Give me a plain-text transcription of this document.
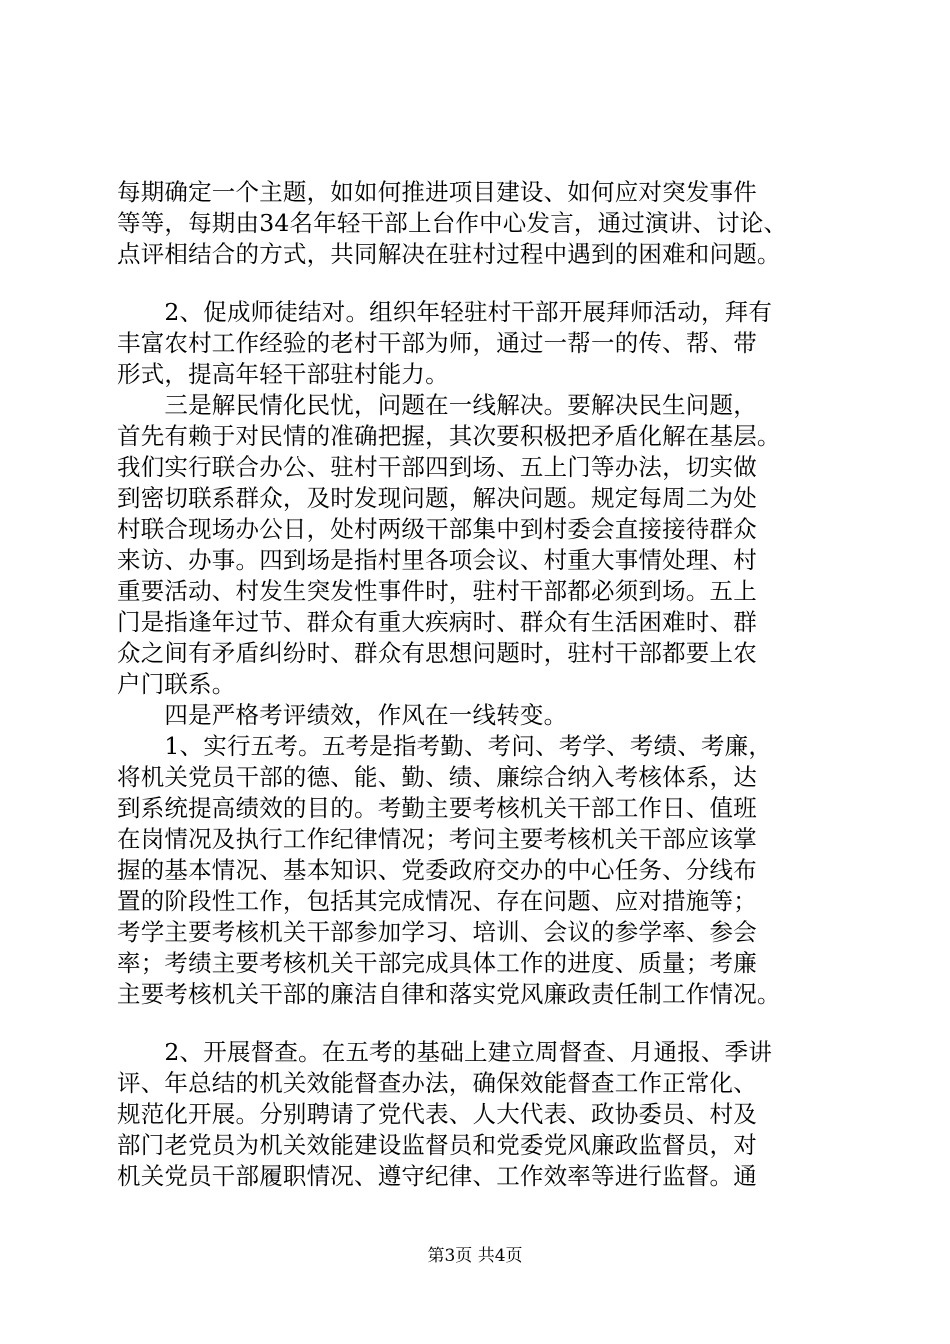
每期确定一个主题，如如何推进项目建设、如何应对突发事件
等等，每期由34名年轻干部上台作中心发言，通过演讲、讨论、
点评相结合的方式，共同解决在驻村过程中遇到的困难和问题。
　　2、促成师徒结对。组织年轻驻村干部开展拜师活动，拜有
丰富农村工作经验的老村干部为师，通过一帮一的传、帮、带
形式，提高年轻干部驻村能力。
　　三是解民情化民忧，问题在一线解决。要解决民生问题，
首先有赖于对民情的准确把握，其次要积极把矛盾化解在基层。
我们实行联合办公、驻村干部四到场、五上门等办法，切实做
到密切联系群众，及时发现问题，解决问题。规定每周二为处
村联合现场办公日，处村两级干部集中到村委会直接接待群众
来访、办事。四到场是指村里各项会议、村重大事情处理、村
重要活动、村发生突发性事件时，驻村干部都必须到场。五上
门是指逢年过节、群众有重大疾病时、群众有生活困难时、群
众之间有矛盾纠纷时、群众有思想问题时，驻村干部都要上农
户门联系。
　　四是严格考评绩效，作风在一线转变。
　　1、实行五考。五考是指考勤、考问、考学、考绩、考廉，
将机关党员干部的德、能、勤、绩、廉综合纳入考核体系，达
到系统提高绩效的目的。考勤主要考核机关干部工作日、值班
在岗情况及执行工作纪律情况；考问主要考核机关干部应该掌
握的基本情况、基本知识、党委政府交办的中心任务、分线布
置的阶段性工作，包括其完成情况、存在问题、应对措施等；
考学主要考核机关干部参加学习、培训、会议的参学率、参会
率；考绩主要考核机关干部完成具体工作的进度、质量；考廉
主要考核机关干部的廉洁自律和落实党风廉政责任制工作情况。
　　2、开展督查。在五考的基础上建立周督查、月通报、季讲
评、年总结的机关效能督查办法，确保效能督查工作正常化、
规范化开展。分别聘请了党代表、人大代表、政协委员、村及
部门老党员为机关效能建设监督员和党委党风廉政监督员，对
机关党员干部履职情况、遵守纪律、工作效率等进行监督。通
第3页 共4页
